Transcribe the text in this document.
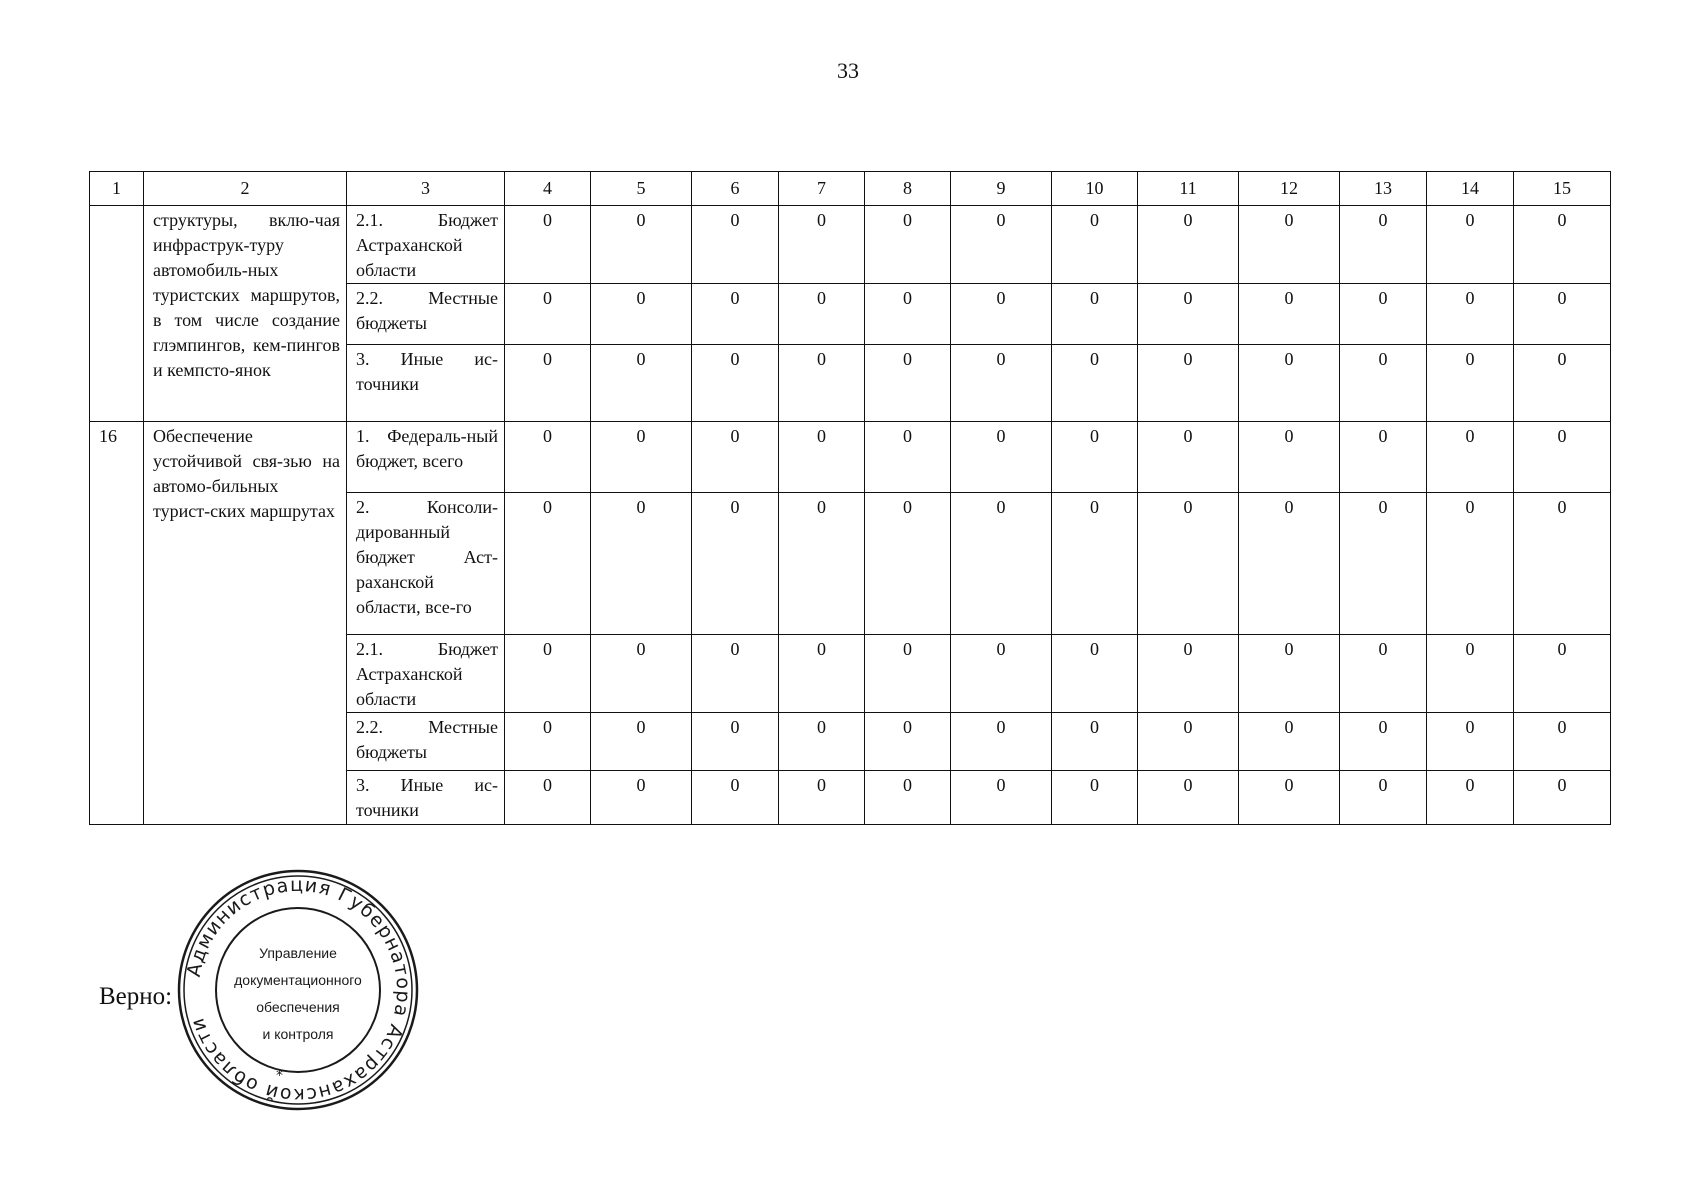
33
1	2	3	4	5	6	7	8	9	10	11	12	13	14	15
	структуры, вклю-чая инфраструк-туру автомобиль-ных туристских маршрутов, в том числе создание глэмпингов, кем-пингов и кемпсто-янок	2.1. Бюджет Астраханской области	0	0	0	0	0	0	0	0	0	0	0	0
		2.2. Местные бюджеты	0	0	0	0	0	0	0	0	0	0	0	0
		3. Иные ис-точники	0	0	0	0	0	0	0	0	0	0	0	0
16	Обеспечение устойчивой свя-зью на автомо-бильных турист-ских маршрутах	1. Федераль-ный бюджет, всего	0	0	0	0	0	0	0	0	0	0	0	0
		2. Консоли-дированный бюджет Аст-раханской области, все-го	0	0	0	0	0	0	0	0	0	0	0	0
		2.1. Бюджет Астраханской области	0	0	0	0	0	0	0	0	0	0	0	0
		2.2. Местные бюджеты	0	0	0	0	0	0	0	0	0	0	0	0
		3. Иные ис-точники	0	0	0	0	0	0	0	0	0	0	0	0
Верно:
Администрация Губернатора Астраханской области
*
Управление
документационного
обеспечения
и контроля
